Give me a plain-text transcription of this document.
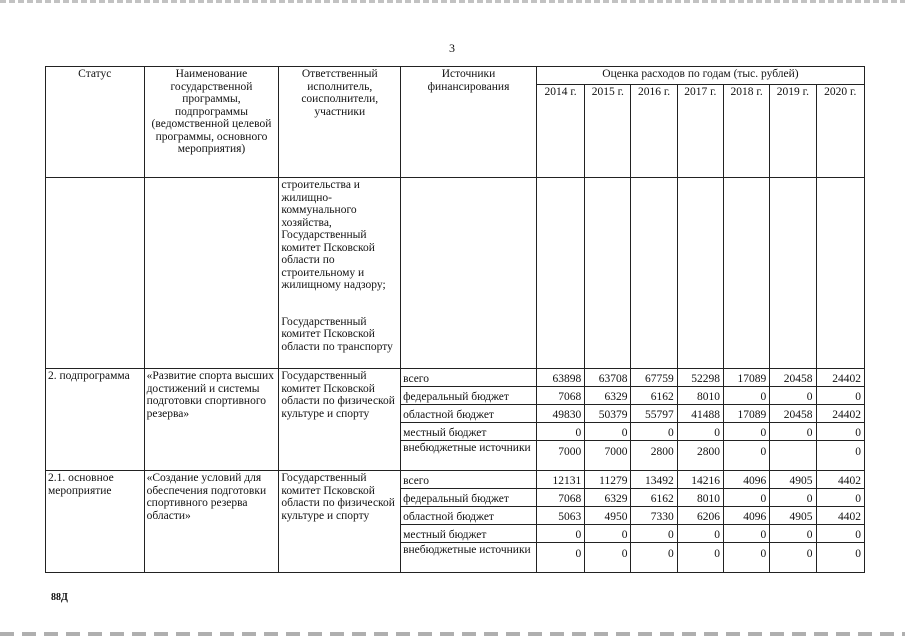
3
Статус	Наименование государственной программы, подпрограммы (ведомственной целевой программы, основного мероприятия)	Ответственный исполнитель, соисполнители, участники	Источники финансирования	Оценка расходов по годам (тыс. рублей)						
				2014 г.	2015 г.	2016 г.	2017 г.	2018 г.	2019 г.	2020 г.
		строительства и жилищно-коммунального хозяйства, Государственный комитет Псковской области по строительному и жилищному надзору;								
		Государственный комитет Псковской области по транспорту								
2. подпрограмма	«Развитие спорта высших достижений и системы подготовки спортивного резерва»	Государственный комитет Псковской области по физической культуре и спорту	всего	63898	63708	67759	52298	17089	20458	24402
			федеральный бюджет	7068	6329	6162	8010	0	0	0
			областной бюджет	49830	50379	55797	41488	17089	20458	24402
			местный бюджет	0	0	0	0	0	0	0
			внебюджетные источники	7000	7000	2800	2800	0		0
2.1. основное мероприятие	«Создание условий для обеспечения подготовки спортивного резерва области»	Государственный комитет Псковской области по физической культуре и спорту	всего	12131	11279	13492	14216	4096	4905	4402
			федеральный бюджет	7068	6329	6162	8010	0	0	0
			областной бюджет	5063	4950	7330	6206	4096	4905	4402
			местный бюджет	0	0	0	0	0	0	0
			внебюджетные источники	0	0	0	0	0	0	0
88Д
